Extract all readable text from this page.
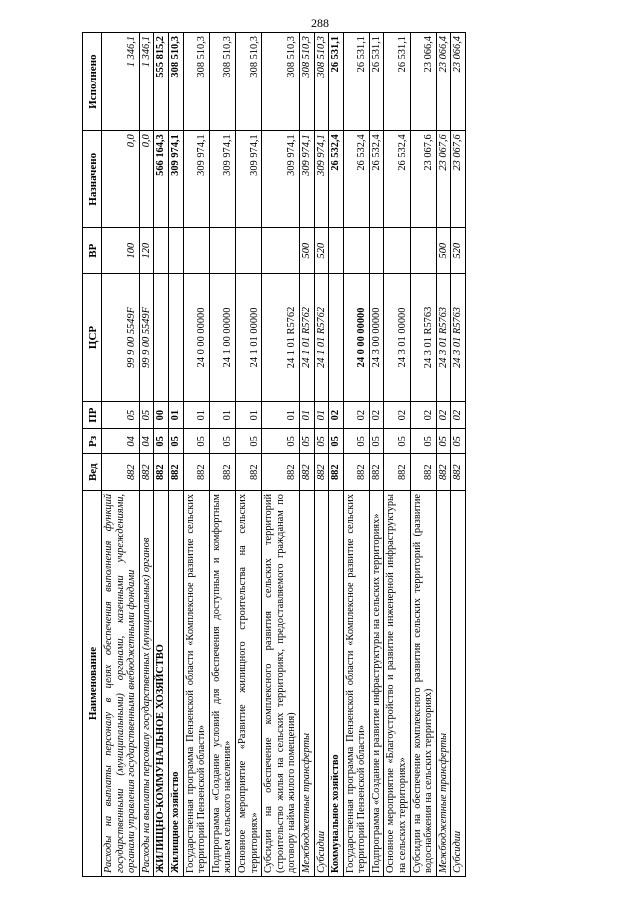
288
Наименование	Вед	Рз	ПР	ЦСР	ВР	Назначено	Исполнено
Расходы на выплаты персоналу в целях обеспечения выполнения функций государственными (муниципальными) органами, казенными учреждениями, органами управления государственными внебюджетными фондами	882	04	05	99 9 00 5549F	100	0,0	1 346,1
Расходы на выплаты персоналу государственных (муниципальных) органов	882	04	05	99 9 00 5549F	120	0,0	1 346,1
ЖИЛИЩНО-КОММУНАЛЬНОЕ ХОЗЯЙСТВО	882	05	00			566 164,3	555 815,2
Жилищное хозяйство	882	05	01			309 974,1	308 510,3
Государственная программа Пензенской области «Комплексное развитие сельских территорий Пензенской области»	882	05	01	24 0 00 00000		309 974,1	308 510,3
Подпрограмма «Создание условий для обеспечения доступным и комфортным жильем сельского населения»	882	05	01	24 1 00 00000		309 974,1	308 510,3
Основное мероприятие «Развитие жилищного строительства на сельских территориях»	882	05	01	24 1 01 00000		309 974,1	308 510,3
Субсидии на обеспечение комплексного развития сельских территорий (строительство жилья на сельских территориях, предоставляемого гражданам по договору найма жилого помещения)	882	05	01	24 1 01 R5762		309 974,1	308 510,3
Межбюджетные трансферты	882	05	01	24 1 01 R5762	500	309 974,1	308 510,3
Субсидии	882	05	01	24 1 01 R5762	520	309 974,1	308 510,3
Коммунальное хозяйство	882	05	02			26 532,4	26 531,1
Государственная программа Пензенской области «Комплексное развитие сельских территорий Пензенской области»	882	05	02	24 0 00 00000		26 532,4	26 531,1
Подпрограмма «Создание и развитие инфраструктуры на сельских территориях»	882	05	02	24 3 00 00000		26 532,4	26 531,1
Основное мероприятие «Благоустройство и развитие инженерной инфраструктуры на сельских территориях»	882	05	02	24 3 01 00000		26 532,4	26 531,1
Субсидии на обеспечение комплексного развития сельских территорий (развитие водоснабжения на сельских территориях)	882	05	02	24 3 01 R5763		23 067,6	23 066,4
Межбюджетные трансферты	882	05	02	24 3 01 R5763	500	23 067,6	23 066,4
Субсидии	882	05	02	24 3 01 R5763	520	23 067,6	23 066,4
